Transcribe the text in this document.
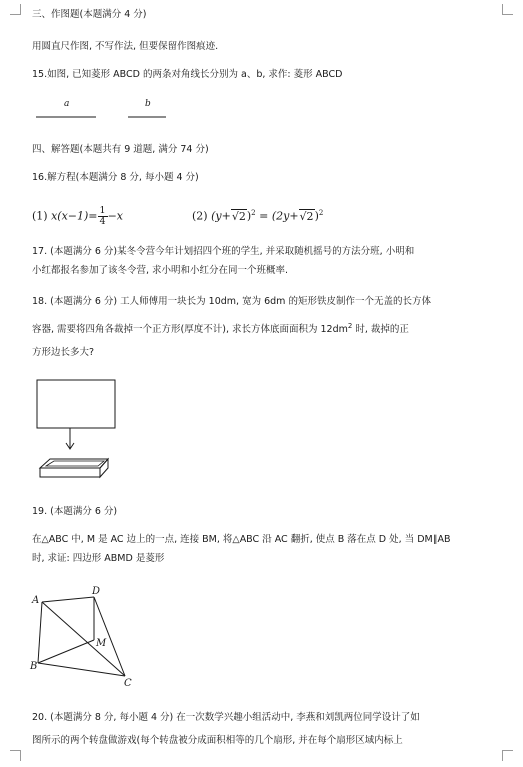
三、作图题(本题满分 4 分)
用圆直尺作图, 不写作法, 但要保留作图痕迹.
15.如图, 已知菱形 ABCD 的两条对角线长分别为 a、b, 求作: 菱形 ABCD
a	b
四、解答题(本题共有 9 道题, 满分 74 分)
16.解方程(本题满分 8 分, 每小题 4 分)
(1) $x(x-1)= \frac{1}{4} -x$	(2) $(y+√2)^2 = (2y+√2)^2$
17. (本题满分 6 分)某冬令营今年计划招四个班的学生, 并采取随机摇号的方法分班, 小明和
小红都报名参加了该冬令营, 求小明和小红分在同一个班概率.
18. (本题满分 6 分) 工人师傅用一块长为 10dm, 宽为 6dm 的矩形铁皮制作一个无盖的长方体
容器, 需要将四角各裁掉一个正方形(厚度不计), 求长方体底面面积为 $12dm^2$ 时, 裁掉的正
方形边长多大?
19. (本题满分 6 分)
在△ABC 中, M 是 AC 边上的一点, 连接 BM, 将△ABC 沿 AC 翻折, 使点 B 落在点 D 处, 当 DM∥AB
时, 求证: 四边形 ABMD 是菱形
A
D
M
B
C
20. (本题满分 8 分, 每小题 4 分) 在一次数学兴趣小组活动中, 李燕和刘凯两位同学设计了如
图所示的两个转盘做游戏(每个转盘被分成面积相等的几个扇形, 并在每个扇形区域内标上
